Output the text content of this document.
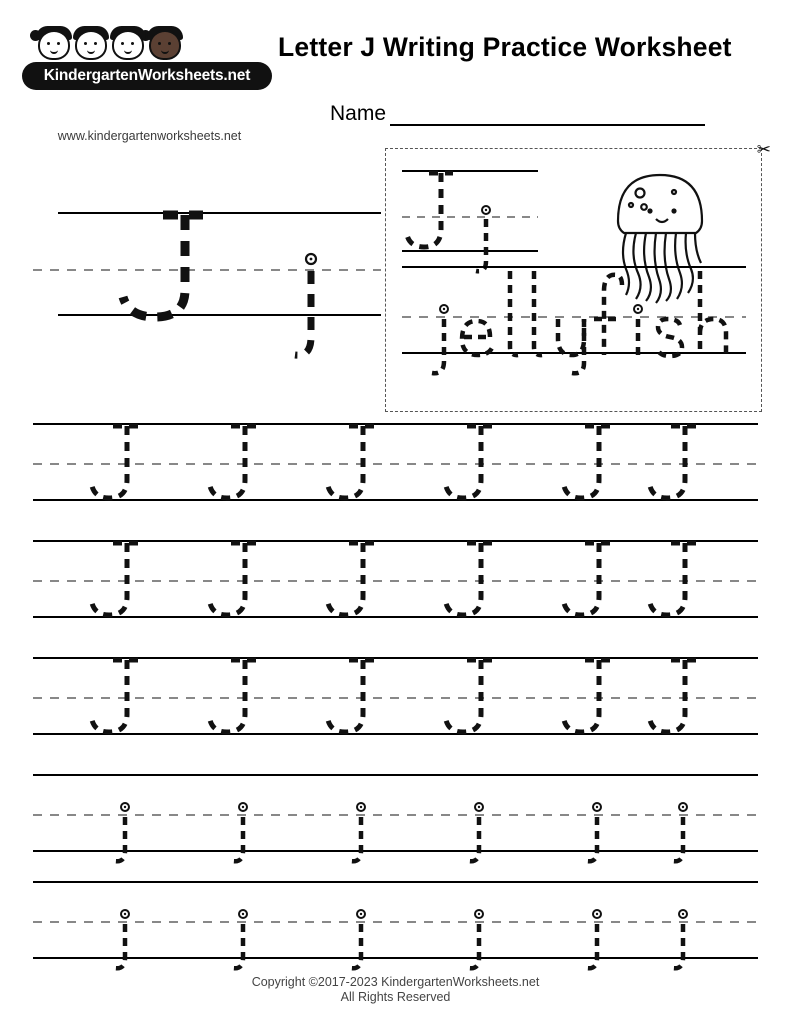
KindergartenWorksheets.net
www.kindergartenworksheets.net
Letter J Writing Practice Worksheet
Name
✂
Copyright ©2017-2023 KindergartenWorksheets.net
All Rights Reserved
